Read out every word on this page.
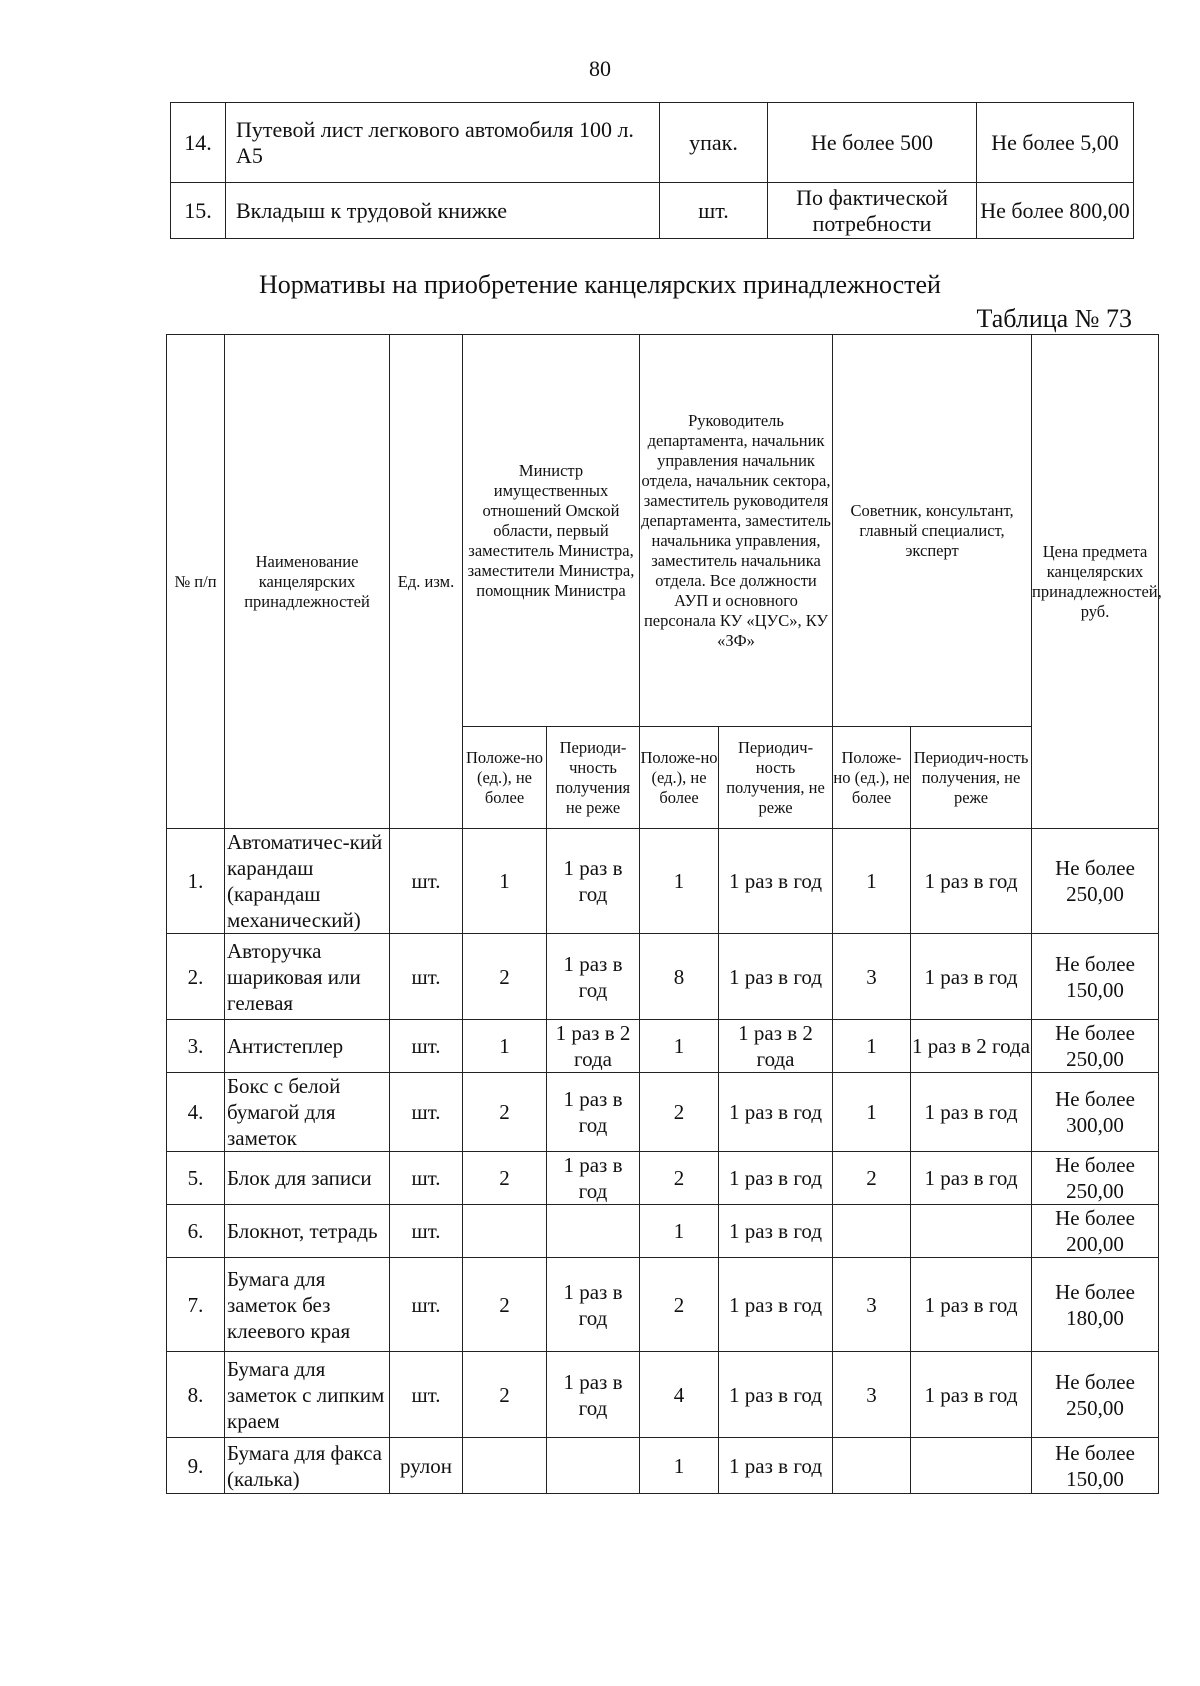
80
14.	Путевой лист легкового автомобиля 100 л. А5	упак.	Не более 500	Не более 5,00
15.	Вкладыш к трудовой книжке	шт.	По фактической потребности	Не более 800,00
Нормативы на приобретение канцелярских принадлежностей
Таблица № 73
№ п/п	Наименование канцелярских принадлежностей	Ед. изм.	Министр имущественных отношений Омской области, первый заместитель Министра, заместители Министра, помощник Министра		Руководитель департамента, начальник управления начальник отдела, начальник сектора, заместитель руководителя департамента, заместитель начальника управления, заместитель начальника отдела. Все должности АУП и основного персонала КУ «ЦУС», КУ «ЗФ»		Советник, консультант, главный специалист, эксперт		Цена предмета канцелярских принадлежностей, руб.
			Положе-но (ед.), не более	Периоди-чность получения не реже	Положе-но (ед.), не более	Периодич-ность получения, не реже	Положе-но (ед.), не более	Периодич-ность получения, не реже	
1.	Автоматичес-кий карандаш (карандаш механический)	шт.	1	1 раз в год	1	1 раз в год	1	1 раз в год	Не более 250,00
2.	Авторучка шариковая или гелевая	шт.	2	1 раз в год	8	1 раз в год	3	1 раз в год	Не более 150,00
3.	Антистеплер	шт.	1	1 раз в 2 года	1	1 раз в 2 года	1	1 раз в 2 года	Не более 250,00
4.	Бокс с белой бумагой для заметок	шт.	2	1 раз в год	2	1 раз в год	1	1 раз в год	Не более 300,00
5.	Блок для записи	шт.	2	1 раз в год	2	1 раз в год	2	1 раз в год	Не более 250,00
6.	Блокнот, тетрадь	шт.			1	1 раз в год			Не более 200,00
7.	Бумага для заметок без клеевого края	шт.	2	1 раз в год	2	1 раз в год	3	1 раз в год	Не более 180,00
8.	Бумага для заметок с липким краем	шт.	2	1 раз в год	4	1 раз в год	3	1 раз в год	Не более 250,00
9.	Бумага для факса (калька)	рулон			1	1 раз в год			Не более 150,00
